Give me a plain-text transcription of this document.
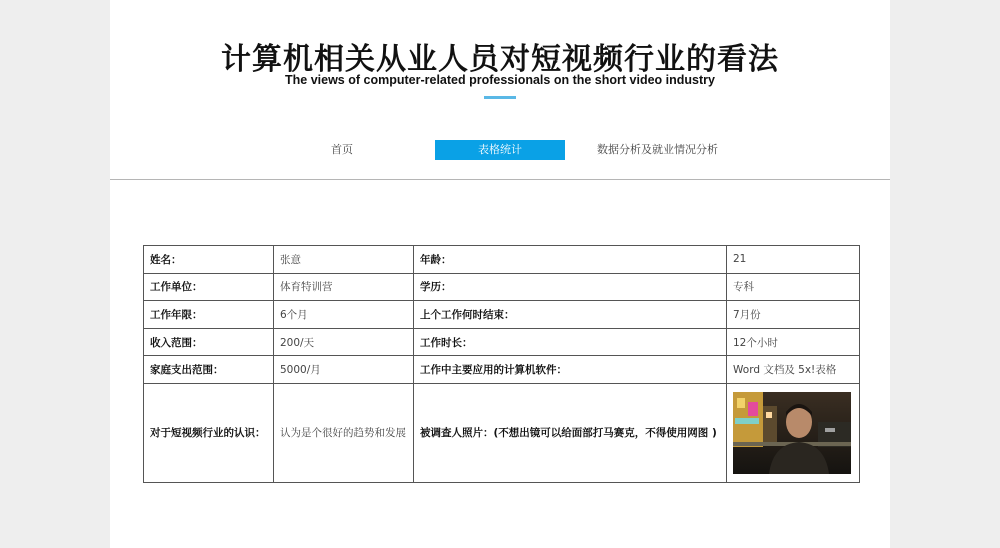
计算机相关从业人员对短视频行业的看法
The views of computer-related professionals on the short video industry
首页	表格统计	数据分析及就业情况分析
姓名：	张意	年龄：	21
工作单位：	体育特训营	学历：	专科
工作年限：	6个月	上个工作何时结束：	7月份
收入范围：	200/天	工作时长：	12个小时
家庭支出范围：	5000/月	工作中主要应用的计算机软件：	Word 文档及 5x!表格
对于短视频行业的认识：	认为是个很好的趋势和发展	被调查人照片：(不想出镜可以给面部打马赛克，不得使用网图 )	
